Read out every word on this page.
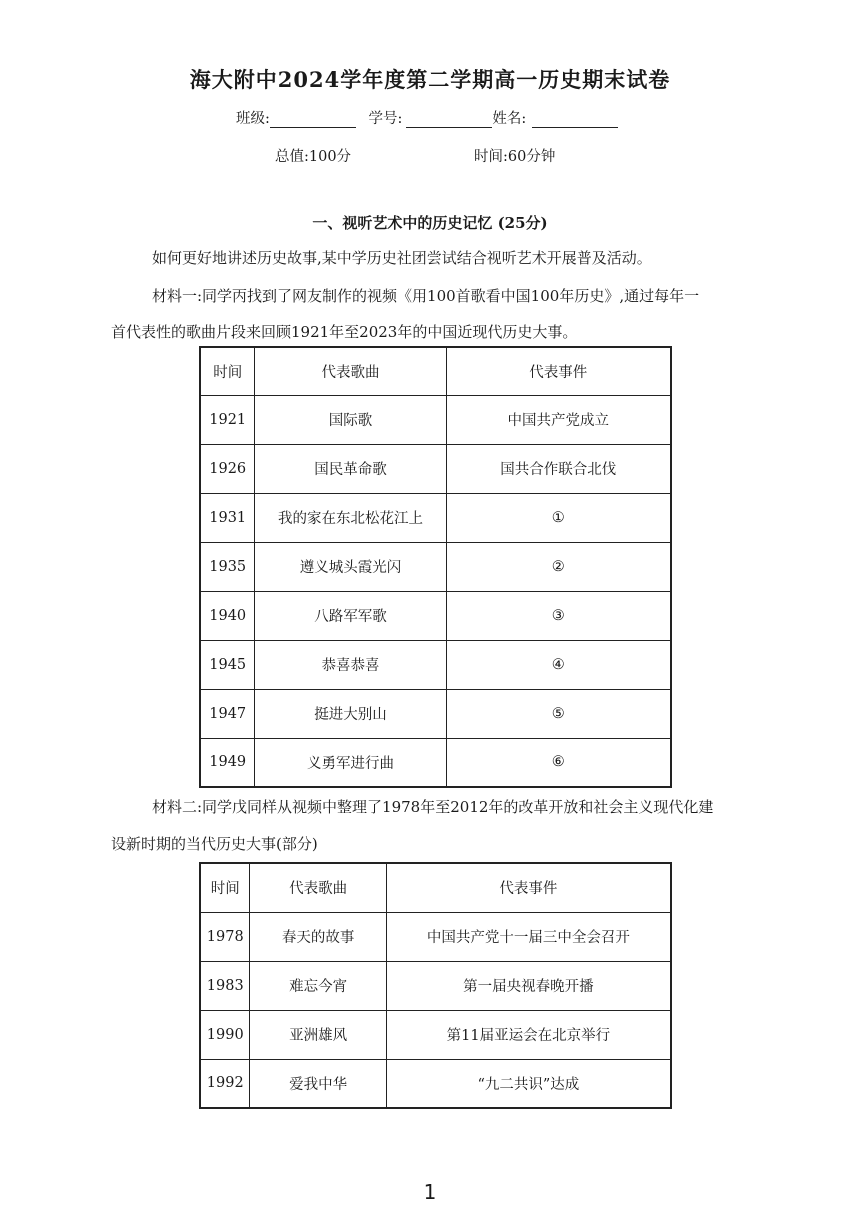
海大附中2024学年度第二学期高一历史期末试卷
班级:	学号:	姓名:
总值:100分	时间:60分钟
一、视听艺术中的历史记忆 (25分)
如何更好地讲述历史故事,某中学历史社团尝试结合视听艺术开展普及活动。
材料一:同学丙找到了网友制作的视频《用100首歌看中国100年历史》,通过每年一
首代表性的歌曲片段来回顾1921年至2023年的中国近现代历史大事。
时间	代表歌曲	代表事件
1921	国际歌	中国共产党成立
1926	国民革命歌	国共合作联合北伐
1931	我的家在东北松花江上	①
1935	遵义城头霞光闪	②
1940	八路军军歌	③
1945	恭喜恭喜	④
1947	挺进大别山	⑤
1949	义勇军进行曲	⑥
材料二:同学戊同样从视频中整理了1978年至2012年的改革开放和社会主义现代化建
设新时期的当代历史大事(部分)
时间	代表歌曲	代表事件
1978	春天的故事	中国共产党十一届三中全会召开
1983	难忘今宵	第一届央视春晚开播
1990	亚洲雄风	第11届亚运会在北京举行
1992	爱我中华	“九二共识”达成
1
